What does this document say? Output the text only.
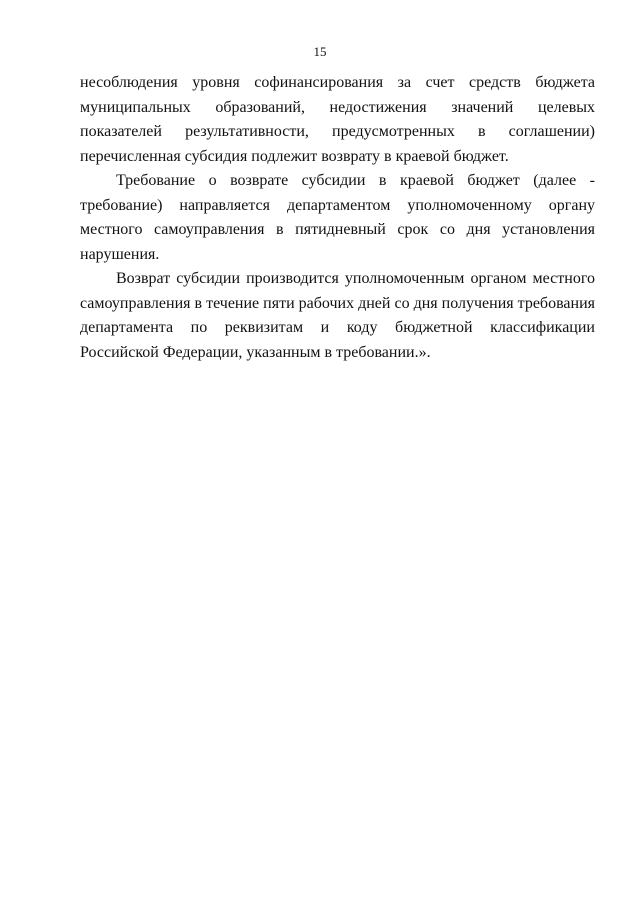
15

несоблюдения уровня софинансирования за счет средств бюджета муниципальных образований, недостижения значений целевых показателей результативности, предусмотренных в соглашении) перечисленная субсидия подлежит возврату в краевой бюджет.

Требование о возврате субсидии в краевой бюджет (далее - требование) направляется департаментом уполномоченному органу местного самоуправления в пятидневный срок со дня установления нарушения.

Возврат субсидии производится уполномоченным органом местного самоуправления в течение пяти рабочих дней со дня получения требования департамента по реквизитам и коду бюджетной классификации Российской Федерации, указанным в требовании.».
